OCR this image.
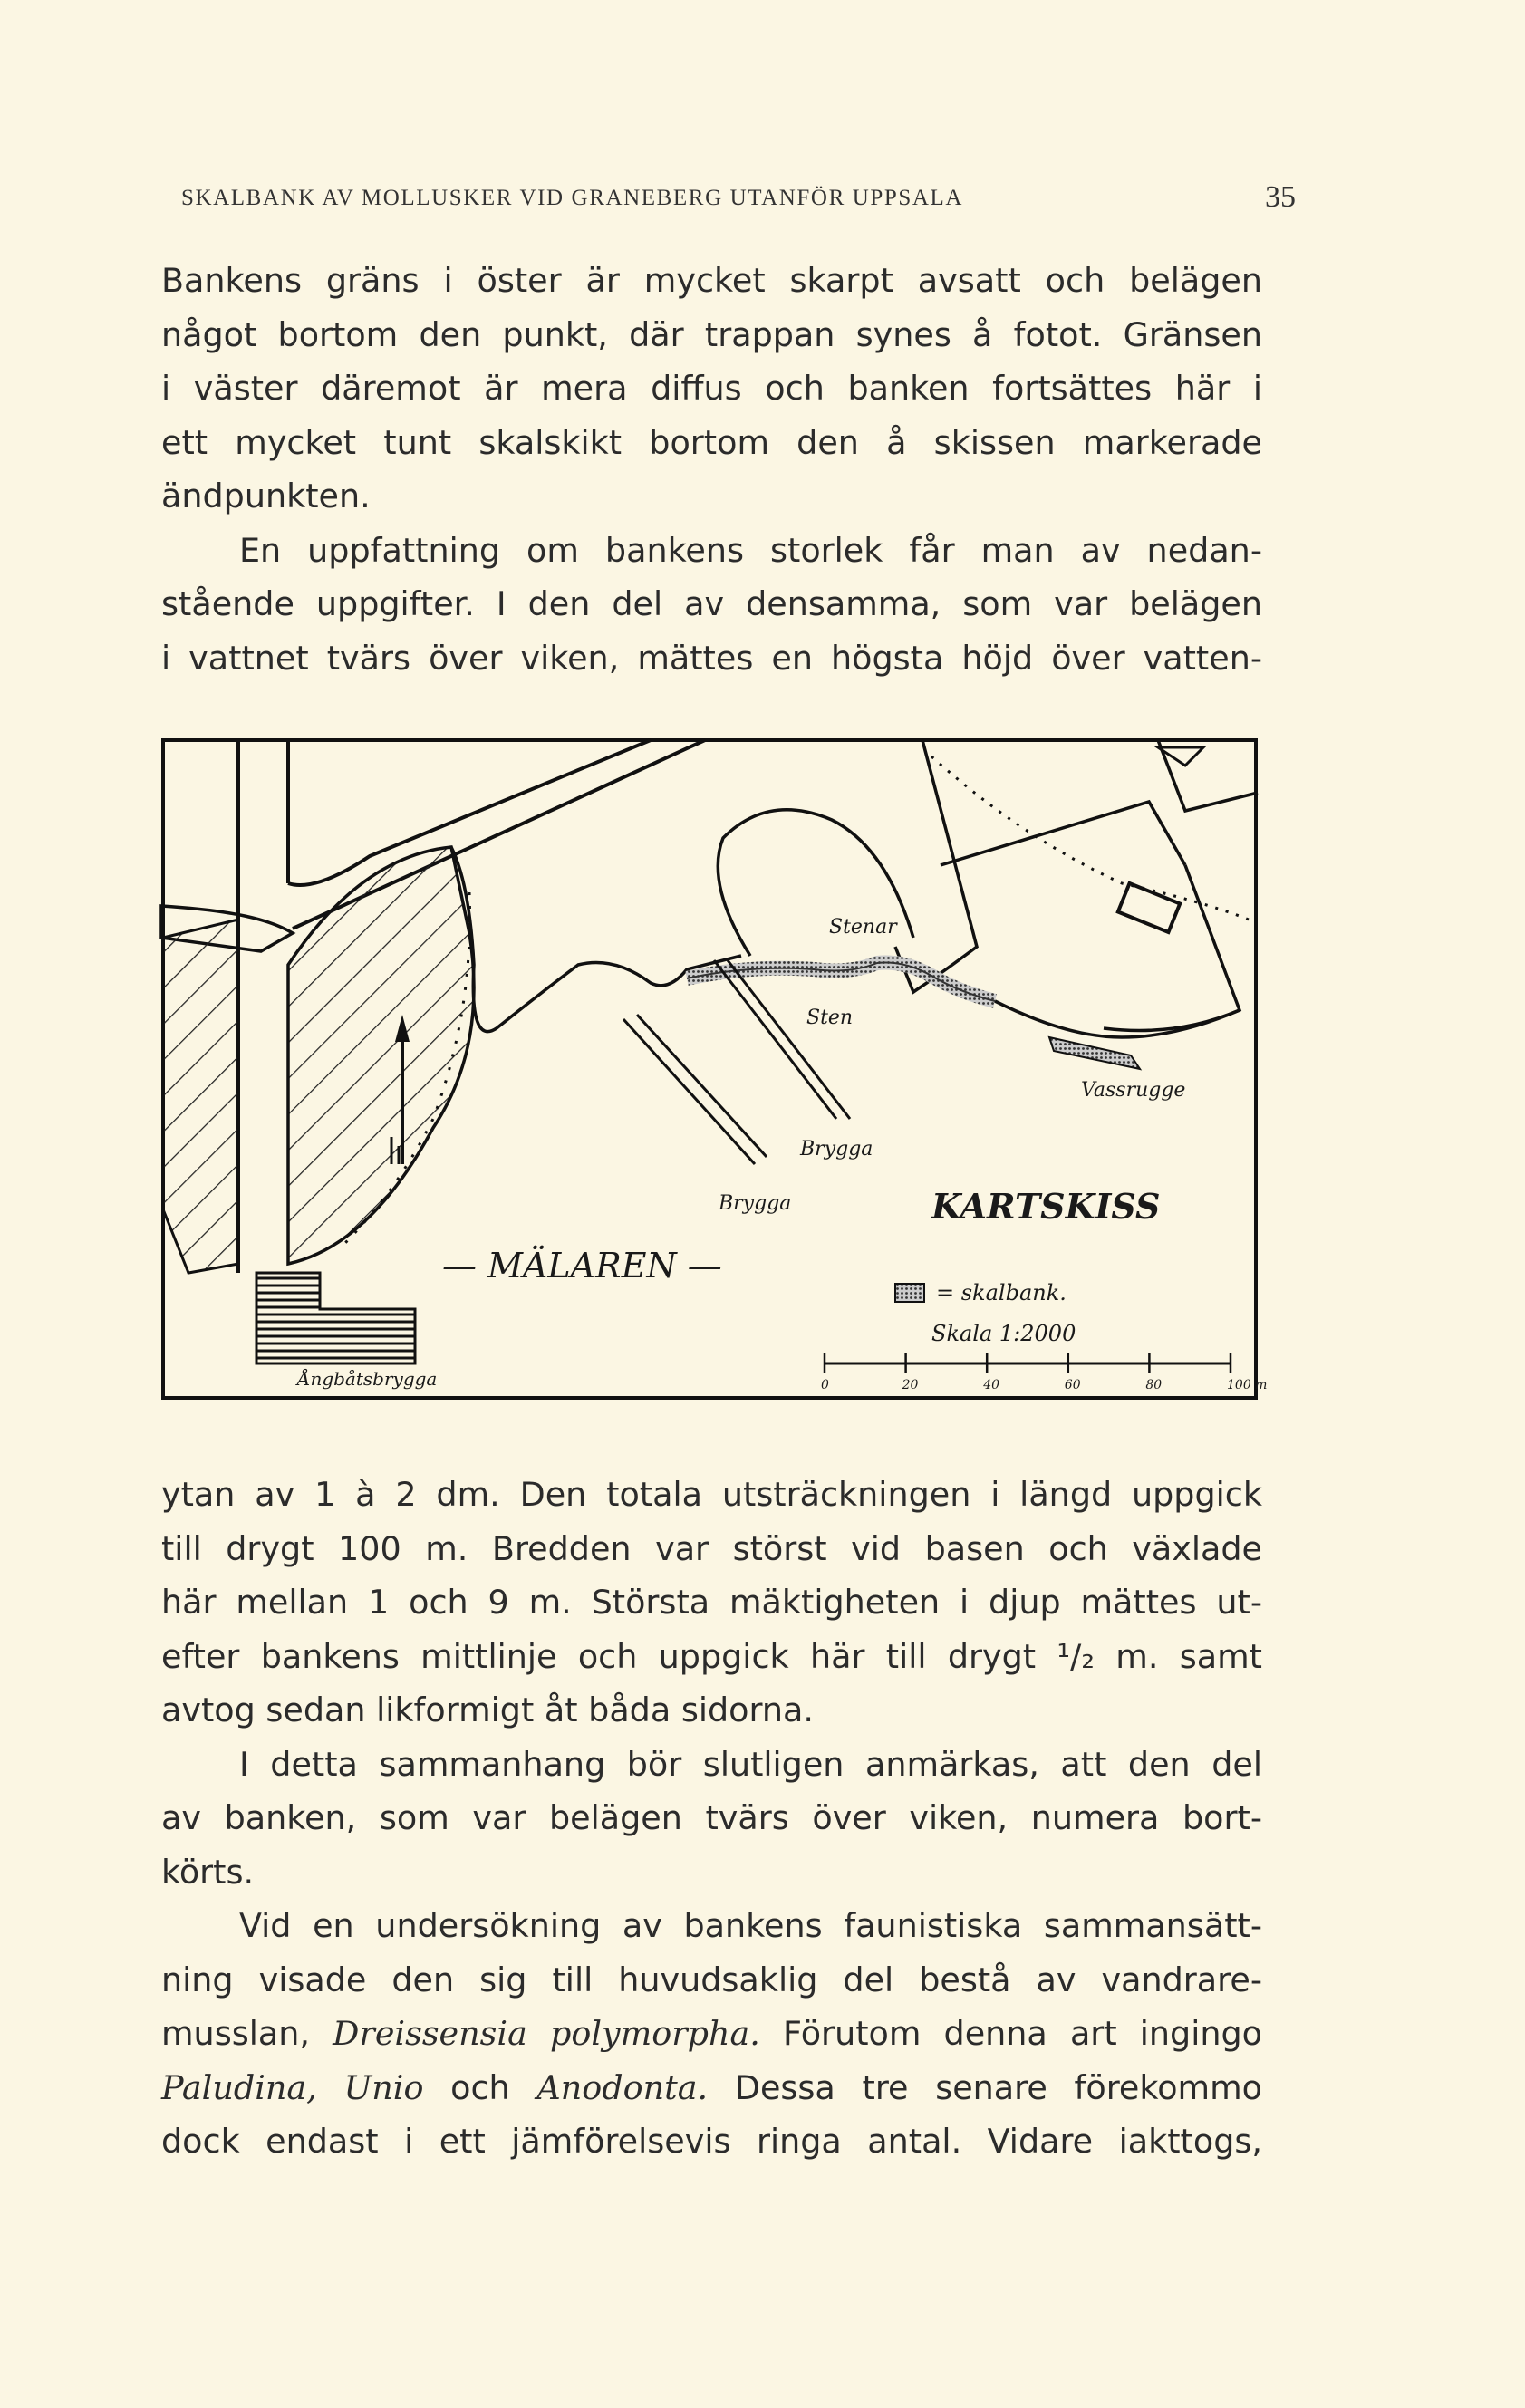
SKALBANK AV MOLLUSKER VID GRANEBERG UTANFÖR UPPSALA	35
Bankens gräns i öster är mycket skarpt avsatt och belägen
något bortom den punkt, där trappan synes å fotot. Gränsen
i väster däremot är mera diffus och banken fortsättes här i
ett mycket tunt skalskikt bortom den å skissen markerade
ändpunkten.
En uppfattning om bankens storlek får man av nedan-
stående uppgifter. I den del av densamma, som var belägen
i vattnet tvärs över viken, mättes en högsta höjd över vatten-
Stenar
Sten
Vassrugge
Brygga
Brygga
Ångbåtsbrygga
KARTSKISS
— MÄLAREN —
= skalbank.
Skala 1:2000
0	20	40	60	80	100 m
ytan av 1 à 2 dm. Den totala utsträckningen i längd uppgick
till drygt 100 m. Bredden var störst vid basen och växlade
här mellan 1 och 9 m. Största mäktigheten i djup mättes ut-
efter bankens mittlinje och uppgick här till drygt ¹/₂ m. samt
avtog sedan likformigt åt båda sidorna.
I detta sammanhang bör slutligen anmärkas, att den del
av banken, som var belägen tvärs över viken, numera bort-
körts.
Vid en undersökning av bankens faunistiska sammansätt-
ning visade den sig till huvudsaklig del bestå av vandrare-
musslan, Dreissensia polymorpha. Förutom denna art ingingo
Paludina, Unio och Anodonta. Dessa tre senare förekommo
dock endast i ett jämförelsevis ringa antal. Vidare iakttogs,
